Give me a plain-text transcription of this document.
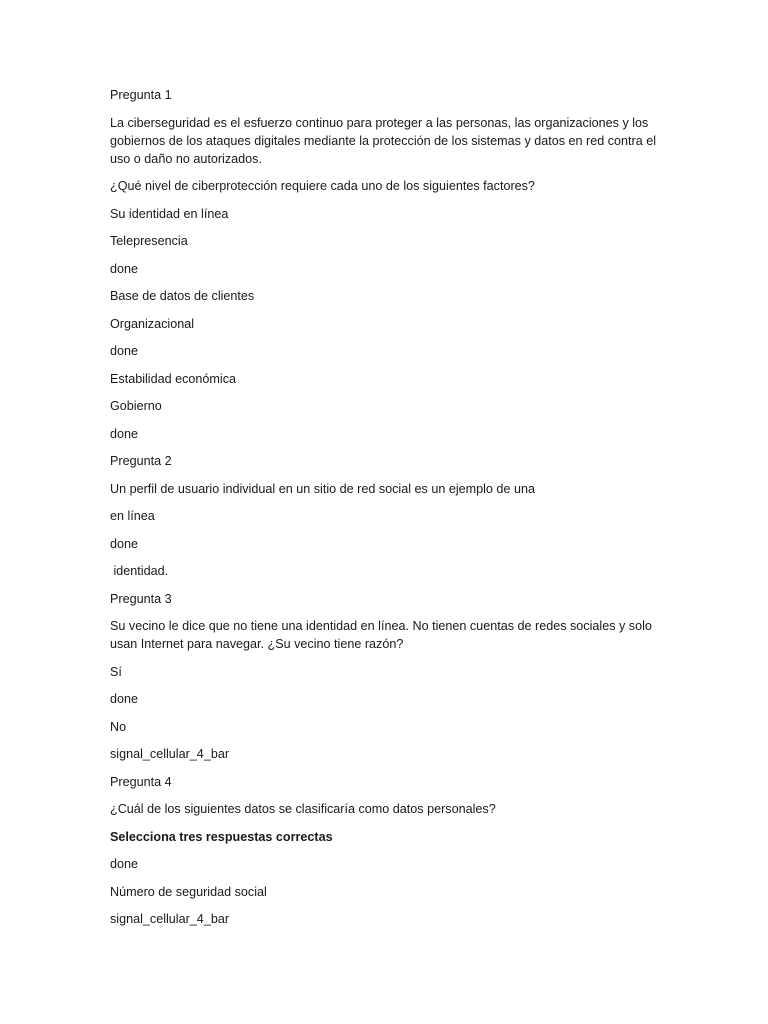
Pregunta 1

La ciberseguridad es el esfuerzo continuo para proteger a las personas, las organizaciones y los gobiernos de los ataques digitales mediante la protección de los sistemas y datos en red contra el uso o daño no autorizados.

¿Qué nivel de ciberprotección requiere cada uno de los siguientes factores?

Su identidad en línea

Telepresencia

done

Base de datos de clientes

Organizacional

done

Estabilidad económica

Gobierno

done

Pregunta 2

Un perfil de usuario individual en un sitio de red social es un ejemplo de una

en línea

done

identidad.

Pregunta 3

Su vecino le dice que no tiene una identidad en línea. No tienen cuentas de redes sociales y solo usan Internet para navegar. ¿Su vecino tiene razón?

Sí

done

No

signal_cellular_4_bar

Pregunta 4

¿Cuál de los siguientes datos se clasificaría como datos personales?

Selecciona tres respuestas correctas

done

Número de seguridad social

signal_cellular_4_bar
